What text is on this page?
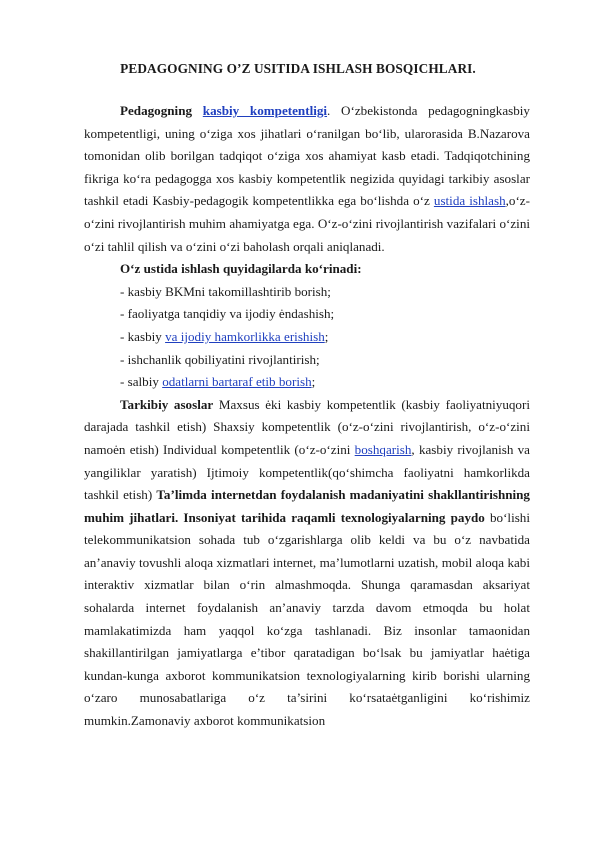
PEDAGOGNING O’Z USITIDA ISHLASH BOSQICHLARI.

Pedagogning kasbiy kompetentligi. O‘zbekistonda pedagogningkasbiy kompetentligi, uning o‘ziga xos jihatlari o‘ranilgan bo‘lib, ularorasida B.Nazarova tomonidan olib borilgan tadqiqot o‘ziga xos ahamiyat kasb etadi. Tadqiqotchining fikriga ko‘ra pedagogga xos kasbiy kompetentlik negizida quyidagi tarkibiy asoslar tashkil etadi Kasbiy-pedagogik kompetentlikka ega bo‘lishda o‘z ustida ishlash,o‘z-o‘zini rivojlantirish muhim ahamiyatga ega. O‘z-o‘zini rivojlantirish vazifalari o‘zini o‘zi tahlil qilish va o‘zini o‘zi baholash orqali aniqlanadi.

O‘z ustida ishlash quyidagilarda ko‘rinadi:

- kasbiy BKMni takomillashtirib borish;

- faoliyatga tanqidiy va ijodiy ėndashish;

- kasbiy va ijodiy hamkorlikka erishish;

- ishchanlik qobiliyatini rivojlantirish;

- salbiy odatlarni bartaraf etib borish;

Tarkibiy asoslar Maxsus ėki kasbiy kompetentlik (kasbiy faoliyatniyuqori darajada tashkil etish) Shaxsiy kompetentlik (o‘z-o‘zini rivojlantirish, o‘z-o‘zini namoėn etish) Individual kompetentlik (o‘z-o‘zini boshqarish, kasbiy rivojlanish va yangiliklar yaratish) Ijtimoiy kompetentlik(qo‘shimcha faoliyatni hamkorlikda tashkil etish) Ta’limda internetdan foydalanish madaniyatini shakllantirishning muhim jihatlari. Insoniyat tarihida raqamli texnologiyalarning paydo bo‘lishi telekommunikatsion sohada tub o‘zgarishlarga olib keldi va bu o‘z navbatida an’anaviy tovushli aloqa xizmatlari internet, ma’lumotlarni uzatish, mobil aloqa kabi interaktiv xizmatlar bilan o‘rin almashmoqda. Shunga qaramasdan aksariyat sohalarda internet foydalanish an’anaviy tarzda davom etmoqda bu holat mamlakatimizda ham yaqqol ko‘zga tashlanadi. Biz insonlar tamaonidan shakillantirilgan jamiyatlarga e’tibor qaratadigan bo‘lsak bu jamiyatlar haėtiga kundan-kunga axborot kommunikatsion texnologiyalarning kirib borishi ularning o‘zaro munosabatlariga o‘z ta’sirini ko‘rsataėtganligini ko‘rishimiz mumkin.Zamonaviy axborot kommunikatsion
